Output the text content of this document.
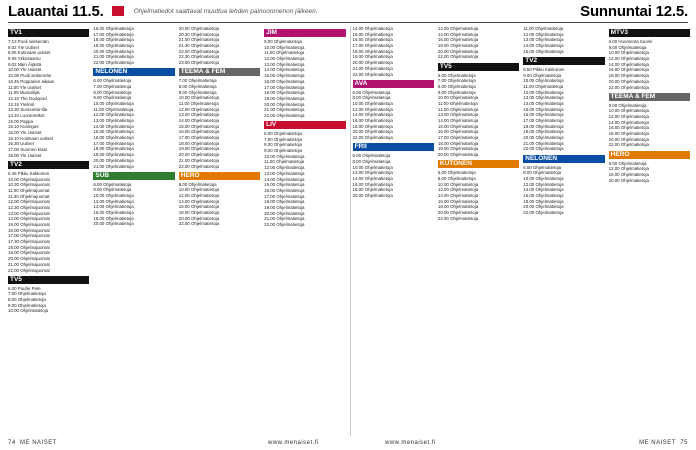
Lauantai 11.5.	Ohjelmatiedot saattavat muuttua lehden painoonmenon jälkeen.	Sunnuntai 12.5.
TV1
7.13 Puoli seitsemän
8.02 Yle Uutiset
8.05 Kotimaan uutiset
8.05 Ykkösaamu
9.02 Näin Äijästä
10.00 Yle Uutiset
10.05 Puoli seitsemän
10.45 Popparien aikaan
11.00 Yle Uutiset
11.05 Muotoilijat
12.10 The Dodopod
12.15 Ylelimit
12.30 Sunnuntai-Ilta
14.10 Luontoretket
15.00 Pappa
15.10 Kuningas
16.00 Yle Uutiset
16.10 Kotimaan uutiset
16.30 Uutiset
17.00 Suomen kisat
18.00 Yle Uutiset
TV2
6.45 Pikku Kakkonen
10.00 Ohjelmajuomat
10.30 Ohjelmajuomat
11.00 Ohjelmajuomat
11.30 Ohjelmajuomat
12.00 Ohjelmajuomat
12.30 Ohjelmajuomat
13.00 Ohjelmajuomat
14.00 Ohjelmajuomat
15.00 Ohjelmajuomat
16.00 Ohjelmajuomat
17.00 Ohjelmajuomat
17.30 Ohjelmajuomat
18.00 Ohjelmajuomat
19.00 Ohjelmajuomat
20.00 Ohjelmajuomat
21.00 Ohjelmajuomat
22.00 Ohjelmajuomat
TV5
6.00 Puuhe Pete
7.00 Ohjelmatietoja
8.00 Ohjelmatietoja
9.00 Ohjelmatietoja
10.00 Ohjelmatietoja
16.00 Ohjelmatietoja
17.00 Ohjelmatietoja
18.00 Ohjelmatietoja
19.00 Ohjelmatietoja
20.00 Ohjelmatietoja
21.00 Ohjelmatietoja
22.00 Ohjelmatietoja
NELONEN
6.00 Ohjelmatietoja
7.00 Ohjelmatietoja
8.00 Ohjelmatietoja
9.00 Ohjelmatietoja
10.00 Ohjelmatietoja
11.00 Ohjelmatietoja
12.00 Ohjelmatietoja
13.00 Ohjelmatietoja
14.00 Ohjelmatietoja
15.00 Ohjelmatietoja
16.00 Ohjelmatietoja
17.00 Ohjelmatietoja
18.00 Ohjelmatietoja
19.00 Ohjelmatietoja
20.00 Ohjelmatietoja
21.00 Ohjelmatietoja
SUB
6.00 Ohjelmatietoja
8.00 Ohjelmatietoja
10.00 Ohjelmatietoja
12.00 Ohjelmatietoja
14.00 Ohjelmatietoja
16.00 Ohjelmatietoja
18.00 Ohjelmatietoja
20.00 Ohjelmatietoja
20.00 Ohjelmatietoja
20.30 Ohjelmatietoja
21.00 Ohjelmatietoja
21.30 Ohjelmatietoja
22.00 Ohjelmatietoja
22.30 Ohjelmatietoja
23.00 Ohjelmatietoja
TEEMA & FEM
7.00 Ohjelmatietoja
8.00 Ohjelmatietoja
9.00 Ohjelmatietoja
10.00 Ohjelmatietoja
11.00 Ohjelmatietoja
12.00 Ohjelmatietoja
13.00 Ohjelmatietoja
14.00 Ohjelmatietoja
15.00 Ohjelmatietoja
16.00 Ohjelmatietoja
17.00 Ohjelmatietoja
18.00 Ohjelmatietoja
19.00 Ohjelmatietoja
20.00 Ohjelmatietoja
21.00 Ohjelmatietoja
22.00 Ohjelmatietoja
HERO
8.00 Ohjelmatietoja
10.00 Ohjelmatietoja
12.00 Ohjelmatietoja
14.00 Ohjelmatietoja
16.00 Ohjelmatietoja
18.00 Ohjelmatietoja
20.00 Ohjelmatietoja
22.00 Ohjelmatietoja
JIM
9.00 Ohjelmatietoja
10.00 Ohjelmatietoja
11.00 Ohjelmatietoja
12.00 Ohjelmatietoja
13.00 Ohjelmatietoja
14.00 Ohjelmatietoja
15.00 Ohjelmatietoja
16.00 Ohjelmatietoja
17.00 Ohjelmatietoja
18.00 Ohjelmatietoja
19.00 Ohjelmatietoja
20.00 Ohjelmatietoja
21.00 Ohjelmatietoja
22.00 Ohjelmatietoja
LIV
6.00 Ohjelmatietoja
7.00 Ohjelmatietoja
8.00 Ohjelmatietoja
9.00 Ohjelmatietoja
10.00 Ohjelmatietoja
11.00 Ohjelmatietoja
12.00 Ohjelmatietoja
13.00 Ohjelmatietoja
14.00 Ohjelmatietoja
15.00 Ohjelmatietoja
16.00 Ohjelmatietoja
17.00 Ohjelmatietoja
18.00 Ohjelmatietoja
19.00 Ohjelmatietoja
20.00 Ohjelmatietoja
21.00 Ohjelmatietoja
22.00 Ohjelmatietoja
14.00 Ohjelmatietoja
15.00 Ohjelmatietoja
16.00 Ohjelmatietoja
17.00 Ohjelmatietoja
18.00 Ohjelmatietoja
19.00 Ohjelmatietoja
20.00 Ohjelmatietoja
21.00 Ohjelmatietoja
22.00 Ohjelmatietoja
AVA
6.00 Ohjelmatietoja
8.00 Ohjelmatietoja
10.00 Ohjelmatietoja
12.00 Ohjelmatietoja
14.00 Ohjelmatietoja
16.00 Ohjelmatietoja
18.00 Ohjelmatietoja
20.00 Ohjelmatietoja
22.00 Ohjelmatietoja
FRII
6.00 Ohjelmatietoja
8.00 Ohjelmatietoja
10.00 Ohjelmatietoja
12.00 Ohjelmatietoja
14.00 Ohjelmatietoja
16.00 Ohjelmatietoja
18.00 Ohjelmatietoja
20.00 Ohjelmatietoja
12.00 Ohjelmatietoja
14.00 Ohjelmatietoja
16.00 Ohjelmatietoja
18.00 Ohjelmatietoja
20.00 Ohjelmatietoja
22.00 Ohjelmatietoja
TV5
6.00 Ohjelmatietoja
7.00 Ohjelmatietoja
8.00 Ohjelmatietoja
9.00 Ohjelmatietoja
10.00 Ohjelmatietoja
11.00 Ohjelmatietoja
12.00 Ohjelmatietoja
13.00 Ohjelmatietoja
14.00 Ohjelmatietoja
15.00 Ohjelmatietoja
16.00 Ohjelmatietoja
17.00 Ohjelmatietoja
18.00 Ohjelmatietoja
19.00 Ohjelmatietoja
20.00 Ohjelmatietoja
KUTONEN
6.00 Ohjelmatietoja
8.00 Ohjelmatietoja
10.00 Ohjelmatietoja
12.00 Ohjelmatietoja
14.00 Ohjelmatietoja
16.00 Ohjelmatietoja
18.00 Ohjelmatietoja
20.00 Ohjelmatietoja
22.00 Ohjelmatietoja
11.00 Ohjelmatietoja
12.00 Ohjelmatietoja
13.00 Ohjelmatietoja
14.00 Ohjelmatietoja
15.00 Ohjelmatietoja
TV2
6.50 Pikku Kakkonen
9.00 Ohjelmatietoja
10.00 Ohjelmatietoja
11.00 Ohjelmatietoja
12.00 Ohjelmatietoja
13.00 Ohjelmatietoja
14.00 Ohjelmatietoja
15.00 Ohjelmatietoja
16.00 Ohjelmatietoja
17.00 Ohjelmatietoja
18.00 Ohjelmatietoja
19.00 Ohjelmatietoja
20.00 Ohjelmatietoja
21.00 Ohjelmatietoja
22.00 Ohjelmatietoja
NELONEN
6.00 Ohjelmatietoja
8.00 Ohjelmatietoja
10.00 Ohjelmatietoja
12.00 Ohjelmatietoja
14.00 Ohjelmatietoja
16.00 Ohjelmatietoja
18.00 Ohjelmatietoja
20.00 Ohjelmatietoja
22.00 Ohjelmatietoja
MTV3
6.00 Huomenta Suomi
8.00 Ohjelmatietoja
10.00 Ohjelmatietoja
12.00 Ohjelmatietoja
14.00 Ohjelmatietoja
16.00 Ohjelmatietoja
18.00 Ohjelmatietoja
20.00 Ohjelmatietoja
22.00 Ohjelmatietoja
TEEMA & FEM
8.00 Ohjelmatietoja
10.00 Ohjelmatietoja
12.00 Ohjelmatietoja
14.00 Ohjelmatietoja
16.00 Ohjelmatietoja
18.00 Ohjelmatietoja
20.00 Ohjelmatietoja
22.00 Ohjelmatietoja
HERO
8.00 Ohjelmatietoja
12.00 Ohjelmatietoja
16.00 Ohjelmatietoja
20.00 Ohjelmatietoja
74 ME NAISET	www.menaiset.fi	www.menaiset.fi	ME NAISET 75
